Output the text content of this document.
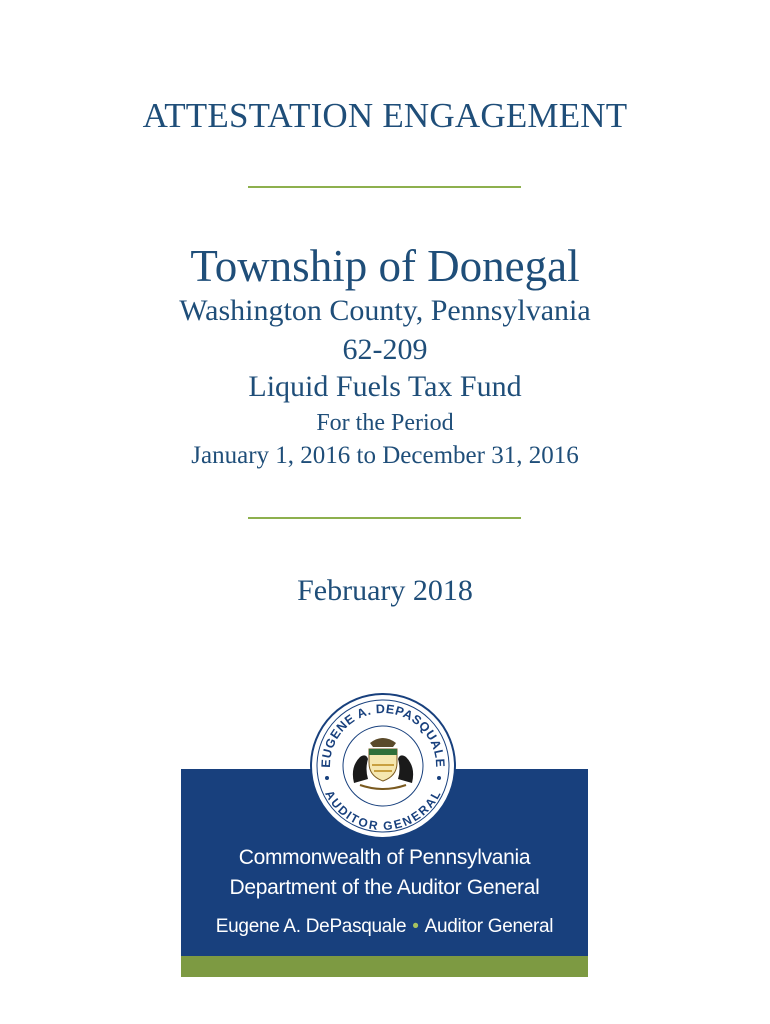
ATTESTATION ENGAGEMENT
Township of Donegal
Washington County, Pennsylvania
62-209
Liquid Fuels Tax Fund
For the Period
January 1, 2016 to December 31, 2016
February 2018
Commonwealth of Pennsylvania
Department of the Auditor General
Eugene A. DePasquale • Auditor General
EUGENE A. DEPASQUALE
AUDITOR GENERAL
